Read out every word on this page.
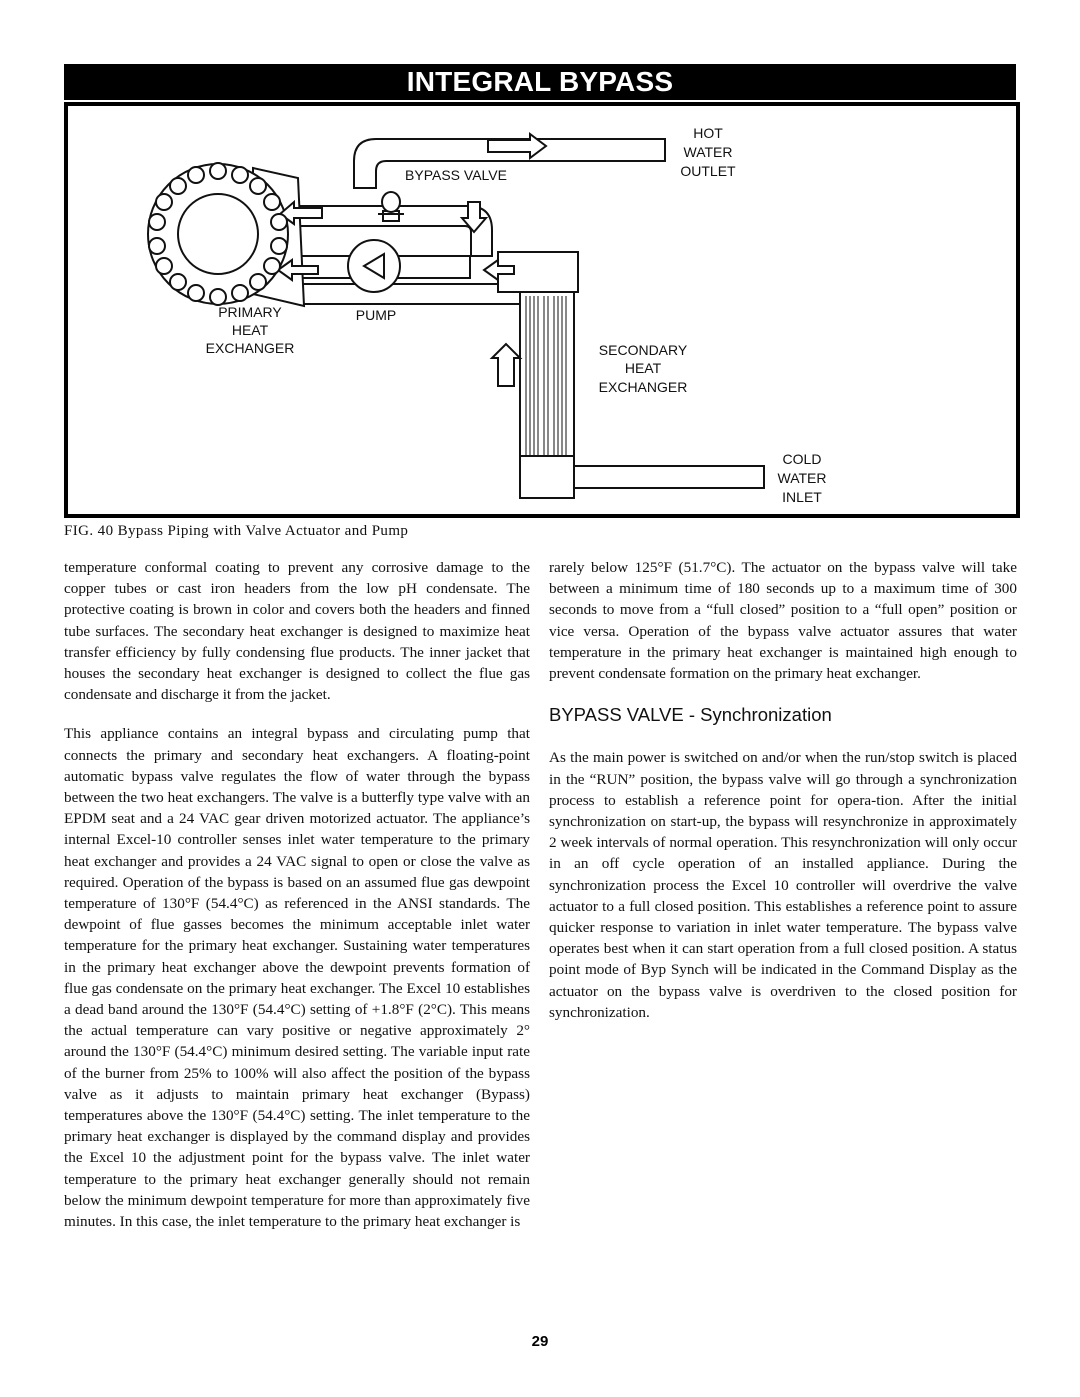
INTEGRAL BYPASS
HOT
WATER
OUTLET
BYPASS VALVE
PRIMARY
HEAT
EXCHANGER
PUMP
SECONDARY
HEAT
EXCHANGER
COLD
WATER
INLET
FIG. 40 Bypass Piping with Valve Actuator and Pump

temperature conformal coating to prevent any corrosive damage to the copper tubes or cast iron headers from the low pH condensate. The protective coating is brown in color and covers both the headers and finned tube surfaces. The secondary heat exchanger is designed to maximize heat transfer efficiency by fully condensing flue products. The inner jacket that houses the secondary heat exchanger is designed to collect the flue gas condensate and discharge it from the jacket.

This appliance contains an integral bypass and circulating pump that connects the primary and secondary heat exchangers. A floating-point automatic bypass valve regulates the flow of water through the bypass between the two heat exchangers. The valve is a butterfly type valve with an EPDM seat and a 24 VAC gear driven motorized actuator. The appliance’s internal Excel-10 controller senses inlet water temperature to the primary heat exchanger and provides a 24 VAC signal to open or close the valve as required. Operation of the bypass is based on an assumed flue gas dewpoint temperature of 130°F (54.4°C) as referenced in the ANSI standards. The dewpoint of flue gasses becomes the minimum acceptable inlet water temperature for the primary heat exchanger. Sustaining water temperatures in the primary heat exchanger above the dewpoint prevents formation of flue gas condensate on the primary heat exchanger. The Excel 10 establishes a dead band around the 130°F (54.4°C) setting of +1.8°F (2°C). This means the actual temperature can vary positive or negative approximately 2° around the 130°F (54.4°C) minimum desired setting. The variable input rate of the burner from 25% to 100% will also affect the position of the bypass valve as it adjusts to maintain primary heat exchanger (Bypass) temperatures above the 130°F (54.4°C) setting. The inlet temperature to the primary heat exchanger is displayed by the command display and provides the Excel 10 the adjustment point for the bypass valve. The inlet water temperature to the primary heat exchanger generally should not remain below the minimum dewpoint temperature for more than approximately five minutes. In this case, the inlet temperature to the primary heat exchanger is

rarely below 125°F (51.7°C). The actuator on the bypass valve will take between a minimum time of 180 seconds up to a maximum time of 300 seconds to move from a “full closed” position to a “full open” position or vice versa. Operation of the bypass valve actuator assures that water temperature in the primary heat exchanger is maintained high enough to prevent condensate formation on the primary heat exchanger.

BYPASS VALVE - Synchronization

As the main power is switched on and/or when the run/stop switch is placed in the “RUN” position, the bypass valve will go through a synchronization process to establish a reference point for opera-tion. After the initial synchronization on start-up, the bypass will resynchronize in approximately 2 week intervals of normal operation. This resynchronization will only occur in an off cycle operation of an installed appliance. During the synchronization process the Excel 10 controller will overdrive the valve actuator to a full closed position. This establishes a reference point to assure quicker response to variation in inlet water temperature. The bypass valve operates best when it can start operation from a full closed position. A status point mode of Byp Synch will be indicated in the Command Display as the actuator on the bypass valve is overdriven to the closed position for synchronization.

29
